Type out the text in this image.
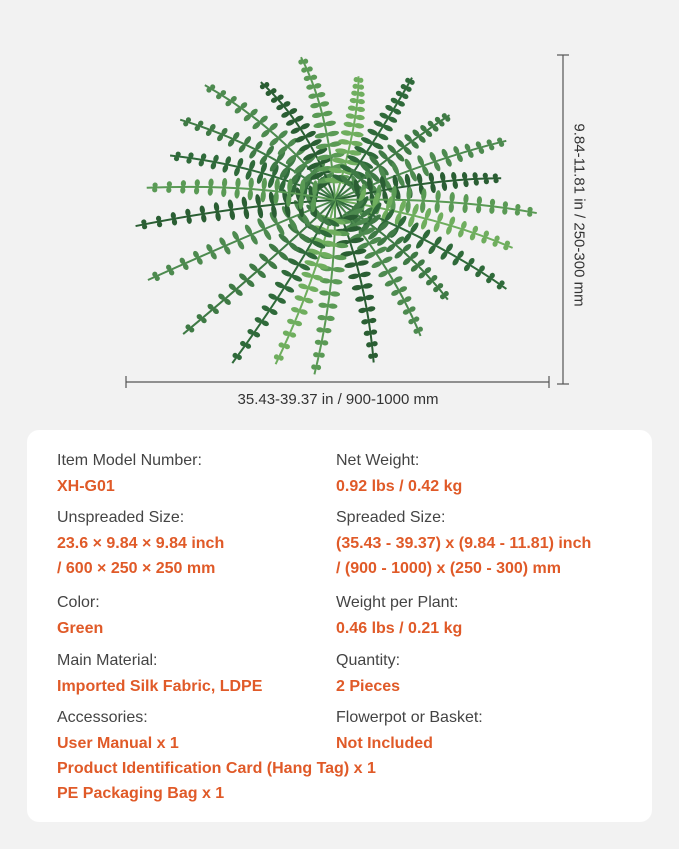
35.43-39.37 in / 900-1000 mm
9.84-11.81 in / 250-300 mm
Item Model Number:
XH-G01
Net Weight:
0.92 lbs / 0.42 kg
Unspreaded Size:
23.6 × 9.84 × 9.84 inch
/ 600 × 250 × 250 mm
Spreaded Size:
(35.43 - 39.37) x (9.84 - 11.81) inch
/ (900 - 1000) x (250 - 300) mm
Color:
Green
Weight per Plant:
0.46 lbs / 0.21 kg
Main Material:
Imported Silk Fabric, LDPE
Quantity:
2 Pieces
Accessories:
User Manual x 1
Product Identification Card (Hang Tag) x 1
PE Packaging Bag x 1
Flowerpot or Basket:
Not Included
